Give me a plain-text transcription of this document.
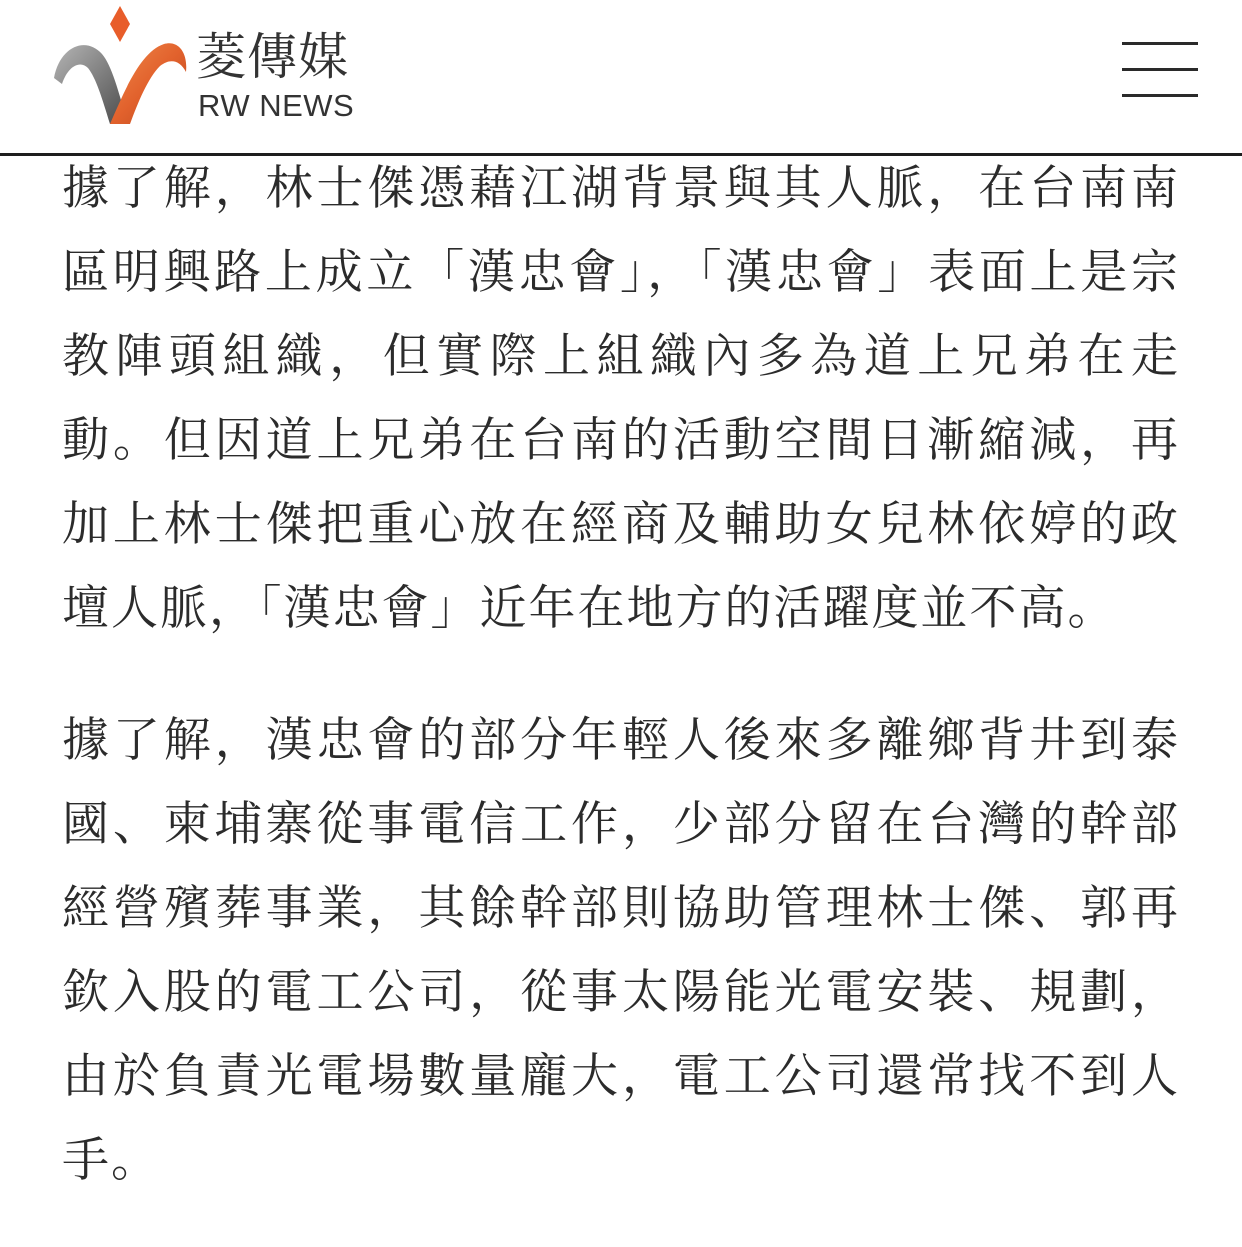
菱傳媒
RW NEWS

據了解，林士傑憑藉江湖背景與其人脈，在台南南區明興路上成立「漢忠會」，「漢忠會」表面上是宗教陣頭組織，但實際上組織內多為道上兄弟在走動。但因道上兄弟在台南的活動空間日漸縮減，再加上林士傑把重心放在經商及輔助女兒林依婷的政壇人脈，「漢忠會」近年在地方的活躍度並不高。

據了解，漢忠會的部分年輕人後來多離鄉背井到泰國、柬埔寨從事電信工作，少部分留在台灣的幹部經營殯葬事業，其餘幹部則協助管理林士傑、郭再欽入股的電工公司，從事太陽能光電安裝、規劃，由於負責光電場數量龐大，電工公司還常找不到人手。
